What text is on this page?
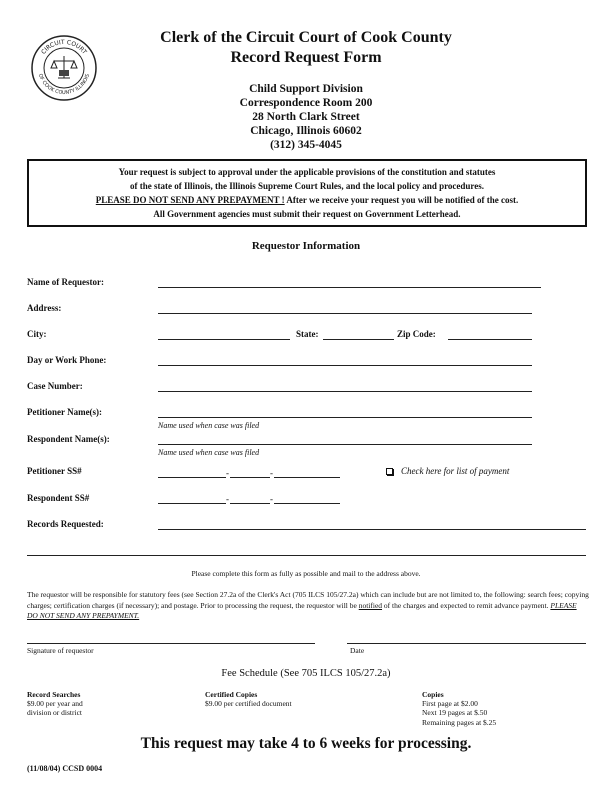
CIRCUIT COURT
OF COOK COUNTY ILLINOIS
Clerk of the Circuit Court of Cook County
Record Request Form
Child Support Division
Correspondence Room 200
28 North Clark Street
Chicago, Illinois 60602
(312) 345-4045
Your request is subject to approval under the applicable provisions of the constitution and statutes
of the state of Illinois, the Illinois Supreme Court Rules, and the local policy and procedures.
PLEASE DO NOT SEND ANY PREPAYMENT ! After we receive your request you will be notified of the cost.
All Government agencies must submit their request on Government Letterhead.
Requestor Information
Name of Requestor:
Address:
City:	State:	Zip Code:
Day or Work Phone:
Case Number:
Petitioner Name(s):
Name used when case was filed
Respondent Name(s):
Name used when case was filed
Petitioner SS#	-	-	Check here for list of payment
Respondent SS#	-	-
Records Requested:
Please complete this form as fully as possible and mail to the address above.
The requestor will be responsible for statutory fees (see Section 27.2a of the Clerk's Act (705 ILCS 105/27.2a) which can include but are not limited to, the following: search fees; copying charges; certification charges (if necessary); and postage. Prior to processing the request, the requestor will be notified of the charges and expected to remit advance payment. PLEASE DO NOT SEND ANY PREPAYMENT.
Signature of requestor	Date
Fee Schedule (See 705 ILCS 105/27.2a)
Record Searches
$9.00 per year and
division or district
Certified Copies
$9.00 per certified document
Copies
First page at $2.00
Next 19 pages at $.50
Remaining pages at $.25
This request may take 4 to 6 weeks for processing.
(11/08/04) CCSD 0004
